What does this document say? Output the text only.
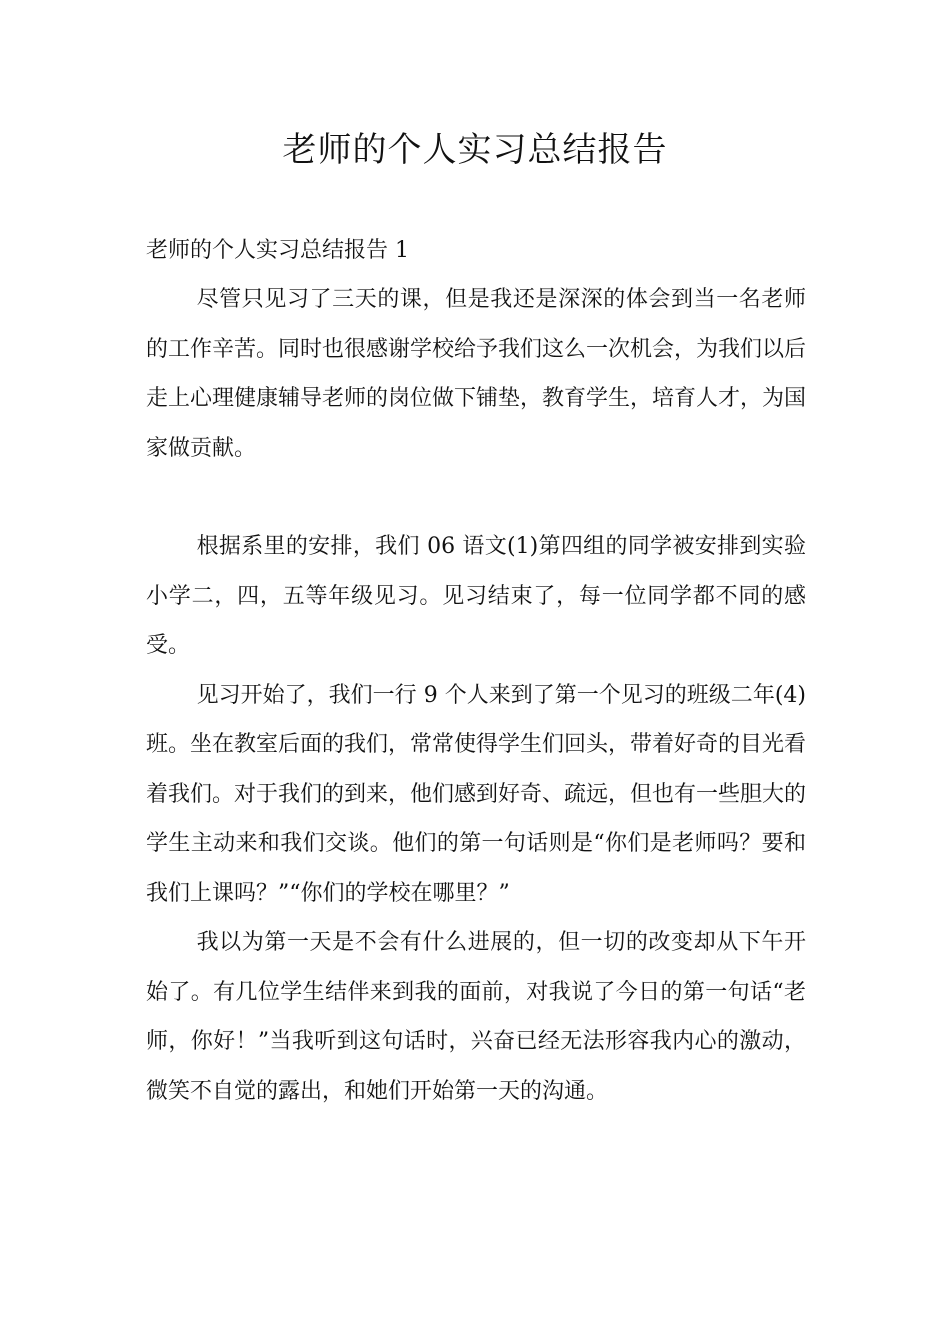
老师的个人实习总结报告
老师的个人实习总结报告 1

尽管只见习了三天的课，但是我还是深深的体会到当一名老师的工作辛苦。同时也很感谢学校给予我们这么一次机会，为我们以后走上心理健康辅导老师的岗位做下铺垫，教育学生，培育人才，为国家做贡献。

根据系里的安排，我们 06 语文(1)第四组的同学被安排到实验小学二，四，五等年级见习。见习结束了，每一位同学都不同的感受。

见习开始了，我们一行 9 个人来到了第一个见习的班级二年(4)班。坐在教室后面的我们，常常使得学生们回头，带着好奇的目光看着我们。对于我们的到来，他们感到好奇、疏远，但也有一些胆大的学生主动来和我们交谈。他们的第一句话则是“你们是老师吗？要和我们上课吗？”“你们的学校在哪里？”

我以为第一天是不会有什么进展的，但一切的改变却从下午开始了。有几位学生结伴来到我的面前，对我说了今日的第一句话“老师，你好！”当我听到这句话时，兴奋已经无法形容我内心的激动，微笑不自觉的露出，和她们开始第一天的沟通。
